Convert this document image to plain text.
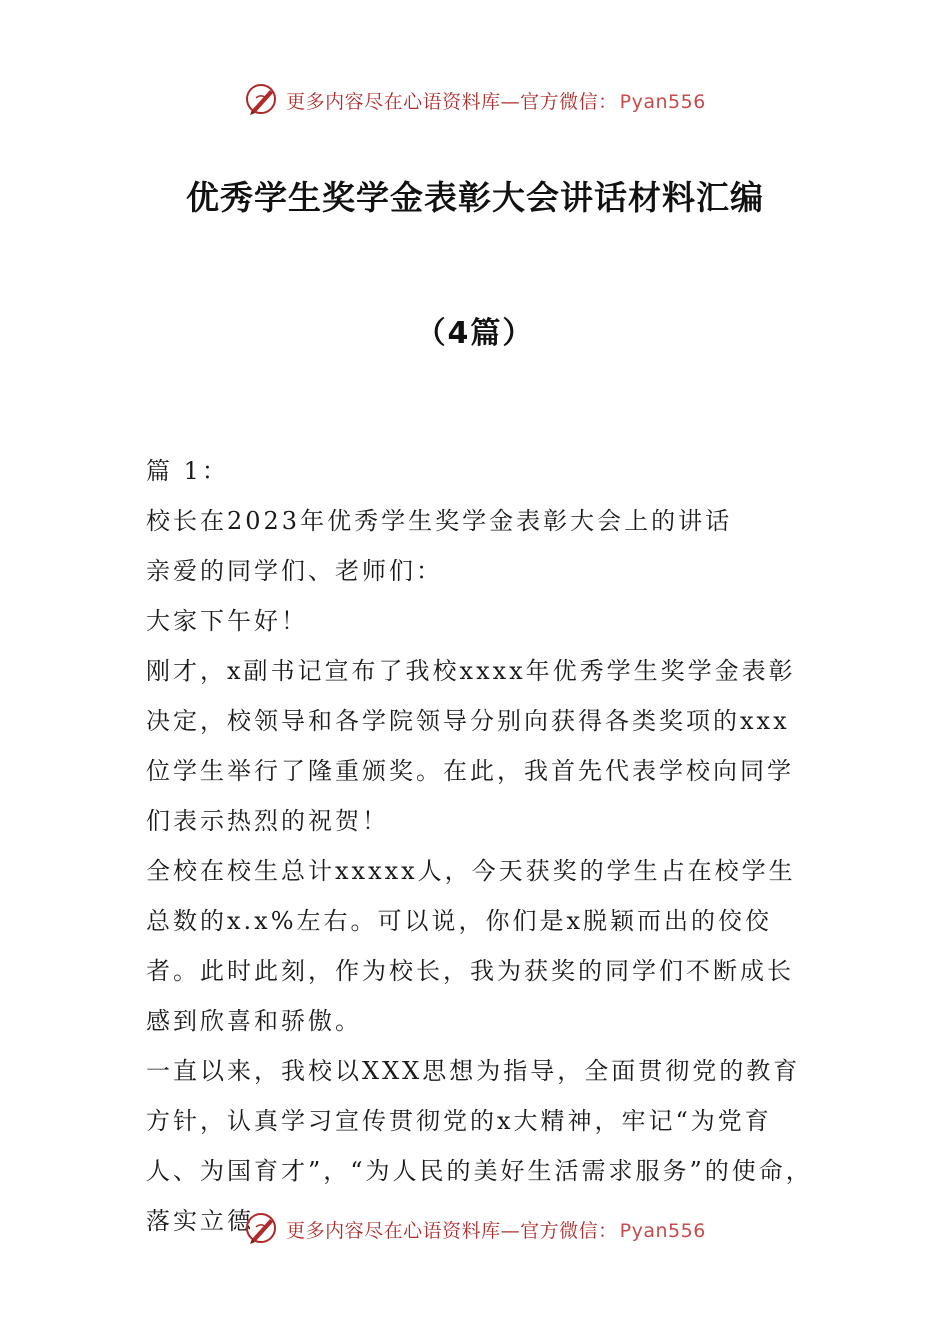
更多内容尽在心语资料库—官方微信： Pyan556
优秀学生奖学金表彰大会讲话材料汇编
（4篇）

篇 1：

校长在2023年优秀学生奖学金表彰大会上的讲话

亲爱的同学们、老师们：

大家下午好！

刚才，x副书记宣布了我校xxxx年优秀学生奖学金表彰决定，校领导和各学院领导分别向获得各类奖项的xxx位学生举行了隆重颁奖。在此，我首先代表学校向同学们表示热烈的祝贺！

全校在校生总计xxxxx人，今天获奖的学生占在校学生总数的x.x%左右。可以说，你们是x脱颖而出的佼佼者。此时此刻，作为校长，我为获奖的同学们不断成长感到欣喜和骄傲。

一直以来，我校以XXX思想为指导，全面贯彻党的教育方针，认真学习宣传贯彻党的x大精神，牢记“为党育人、为国育才”，“为人民的美好生活需求服务”的使命，落实立德	更多内容尽在心语资料库—官方微信： Pyan556
